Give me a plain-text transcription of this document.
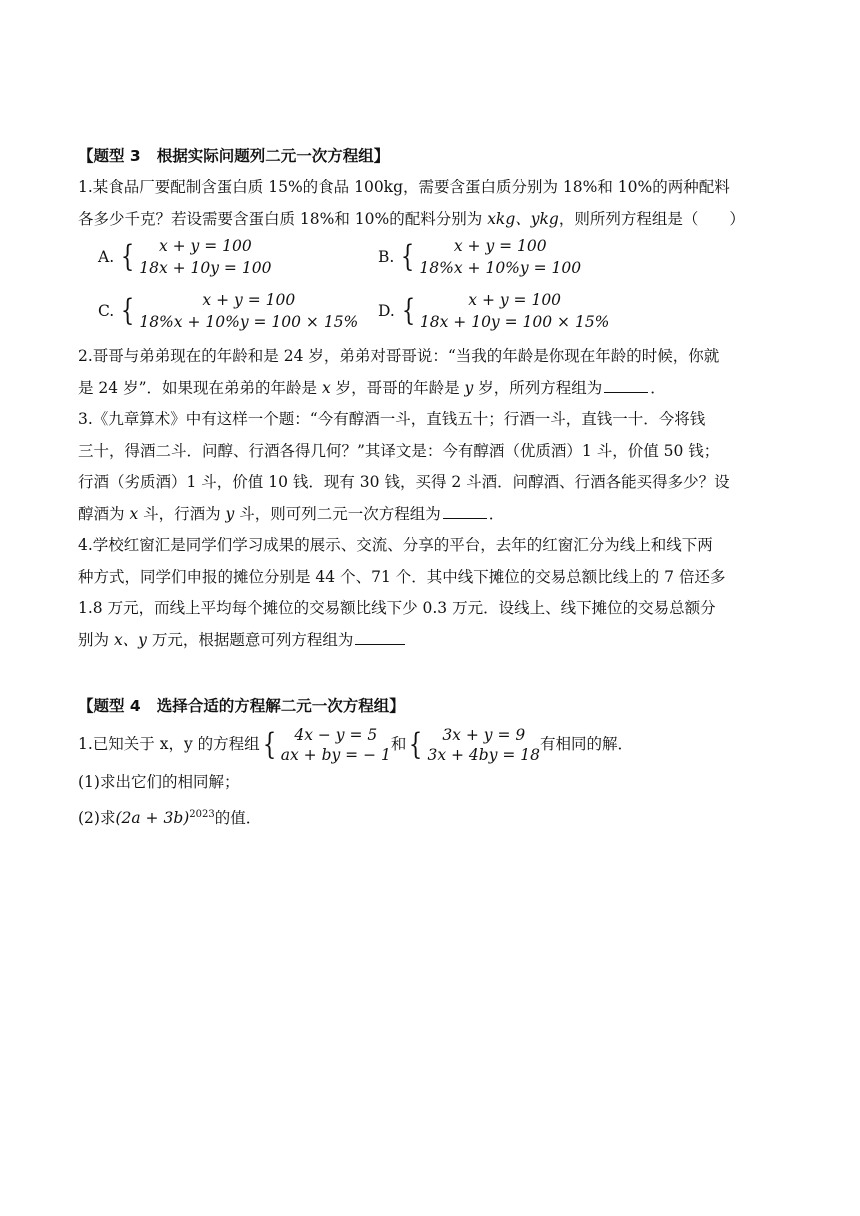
【题型 3 根据实际问题列二元一次方程组】
1.某食品厂要配制含蛋白质 15%的食品 100kg，需要含蛋白质分别为 18%和 10%的两种配料
各多少千克？若设需要含蛋白质 18%和 10%的配料分别为 xkg、ykg，则所列方程组是（　　）
A. {	x + y = 100
18x + 10y = 100
B. {	x + y = 100
18%x + 10%y = 100
C. {	x + y = 100
18%x + 10%y = 100 × 15%
D. {	x + y = 100
18x + 10y = 100 × 15%
2.哥哥与弟弟现在的年龄和是 24 岁，弟弟对哥哥说：“当我的年龄是你现在年龄的时候，你就
是 24 岁”．如果现在弟弟的年龄是 x 岁，哥哥的年龄是 y 岁，所列方程组为	．
3.《九章算术》中有这样一个题：“今有醇酒一斗，直钱五十；行酒一斗，直钱一十．今将钱
三十，得酒二斗．问醇、行酒各得几何？”其译文是：今有醇酒（优质酒）1 斗，价值 50 钱；
行酒（劣质酒）1 斗，价值 10 钱．现有 30 钱，买得 2 斗酒．问醇酒、行酒各能买得多少？设
醇酒为 x 斗，行酒为 y 斗，则可列二元一次方程组为	．
4.学校红窗汇是同学们学习成果的展示、交流、分享的平台，去年的红窗汇分为线上和线下两
种方式，同学们申报的摊位分别是 44 个、71 个．其中线下摊位的交易总额比线上的 7 倍还多
1.8 万元，而线上平均每个摊位的交易额比线下少 0.3 万元．设线上、线下摊位的交易总额分
别为 x、y 万元，根据题意可列方程组为
【题型 4 选择合适的方程解二元一次方程组】
1.已知关于 x，y 的方程组 {	4x − y = 5
ax + by = − 1
和 {	3x + y = 9
3x + 4by = 18
有相同的解．
(1)求出它们的相同解；
(2)求$(2a + 3b)^{2023}$的值．
